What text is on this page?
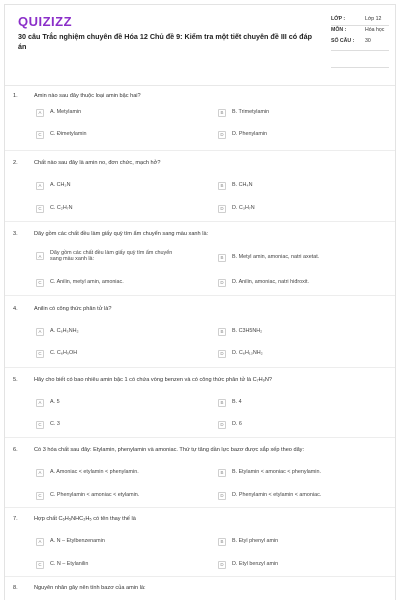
QUIZIZZ
30 câu Trắc nghiệm chuyên đề Hóa 12 Chủ đề 9: Kiểm tra một tiết chuyên đề III có đáp án
LỚP :	Lớp 12
MÔN :	Hóa học
SỐ CÂU :	30
1.	Amin nào sau đây thuộc loại amin bậc hai?
A	A. Metylamin	B	B. Trimetylamin
C	C. Đimetylamin	D	D. Phenylamin
2.	Chất nào sau đây là amin no, đơn chức, mạch hở?
A	A. CH₃N	B	B. CH₄N
C	C. C₂H₇N	D	D. C₃H₇N
3.	Dãy gồm các chất đều làm giấy quỳ tím ẩm chuyển sang màu xanh là:
A	Dãy gồm các chất đều làm giấy quỳ tím ẩm chuyển sang màu xanh là:	B	B. Metyl amin, amoniac, natri axetat.
C	C. Anilin, metyl amin, amoniac.	D	D. Anilin, amoniac, natri hiđroxit.
4.	Anilin có công thức phân tử là?
A	A. C₆H₅NH₂	B	B. C3H5NH₂
C	C. C₆H₅OH	D	D. C₆H₁₃NH₂
5.	Hãy cho biết có bao nhiêu amin bậc 1 có chứa vòng benzen và có công thức phân tử là C₇H₉N?
A	A. 5	B	B. 4
C	C. 3	D	D. 6
6.	Có 3 hóa chất sau đây: Etylamin, phenylamin và amoniac. Thứ tự tăng dần lực bazơ được sắp xếp theo dãy:
A	A. Amoniac < etylamin < phenylamin.	B	B. Etylamin < amoniac < phenylamin.
C	C. Phenylamin < amoniac < etylamin.	D	D. Phenylamin < etylamin < amoniac.
7.	Hợp chất C₆H₅NHC₂H₅ có tên thay thế là
A	A. N – Etylbenzenamin	B	B. Etyl phenyl amin
C	C. N – Etylanilin	D	D. Etyl benzyl amin
8.	Nguyên nhân gây nên tính bazơ của amin là:
